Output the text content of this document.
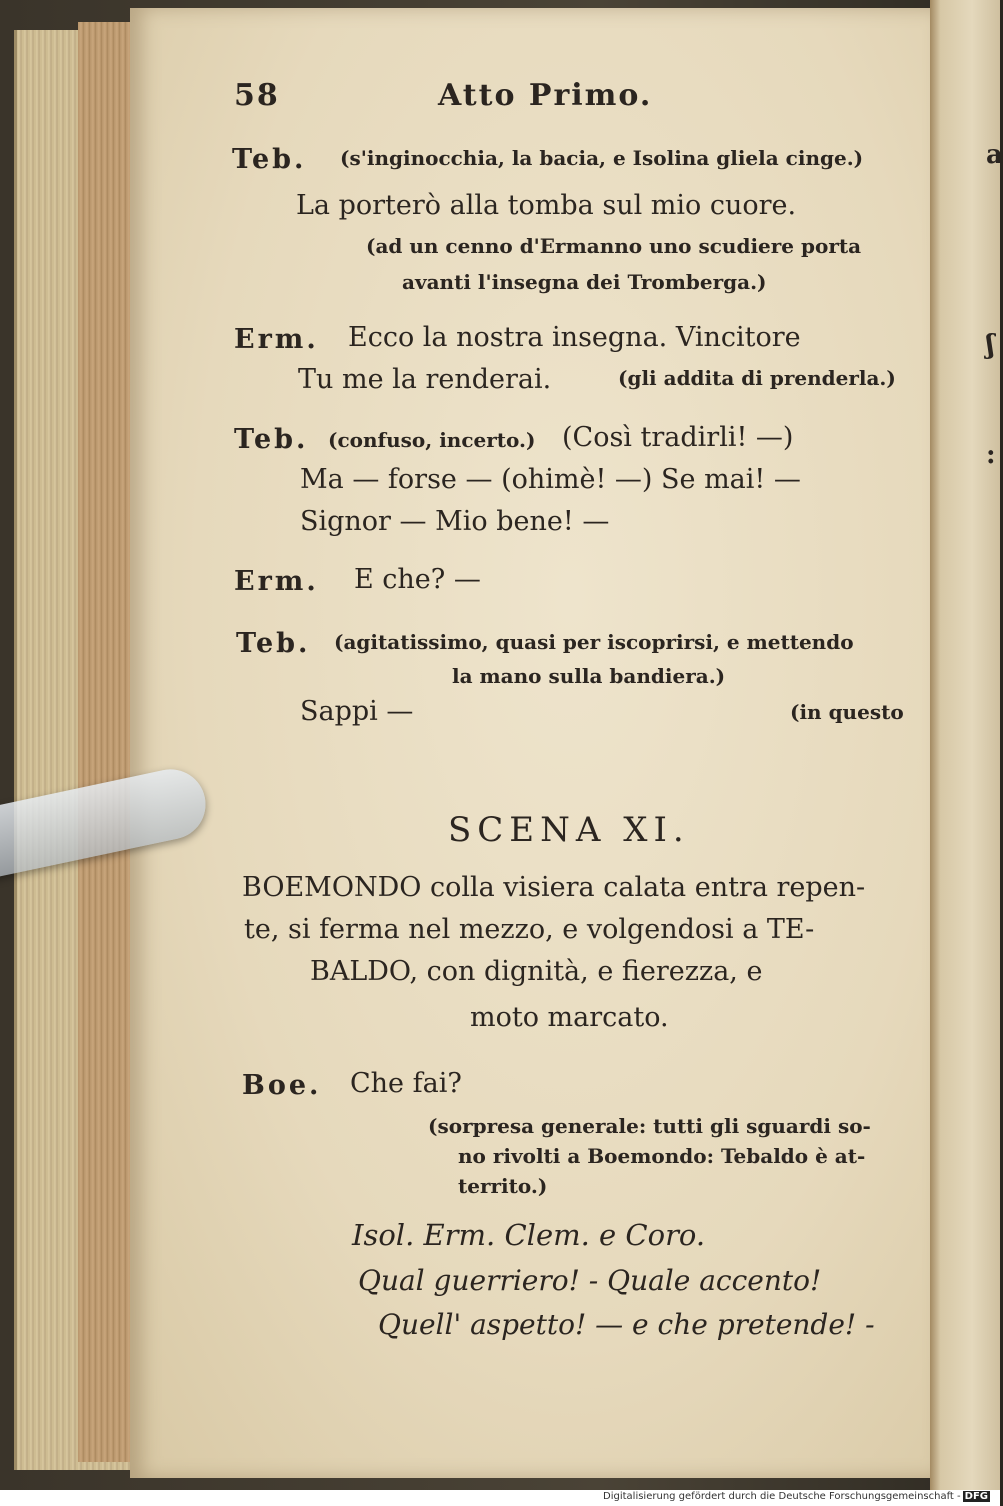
a
ʃ
:
58	Atto Primo.
Teb. (s'inginocchia, la bacia, e Isolina gliela cinge.)
La porterò alla tomba sul mio cuore.
(ad un cenno d'Ermanno uno scudiere porta
avanti l'insegna dei Tromberga.)
Erm. Ecco la nostra insegna. Vincitore
Tu me la renderai.	(gli addita di prenderla.)
Teb. (confuso, incerto.) (Così tradirli! —)
Ma — forse — (ohimè! —) Se mai! —
Signor — Mio bene! —
Erm. E che? —
Teb. (agitatissimo, quasi per iscoprirsi, e mettendo
la mano sulla bandiera.)
Sappi —	(in questo
SCENA XI.
BOEMONDO colla visiera calata entra repen-
te, si ferma nel mezzo, e volgendosi a TE-
BALDO, con dignità, e fierezza, e
moto marcato.
Boe. Che fai?
(sorpresa generale: tutti gli sguardi so-
no rivolti a Boemondo: Tebaldo è at-
territo.)
Isol. Erm. Clem. e Coro.
Qual guerriero! - Quale accento!
Quell' aspetto! — e che pretende! -
Digitalisierung gefördert durch die Deutsche Forschungsgemeinschaft - DFG
